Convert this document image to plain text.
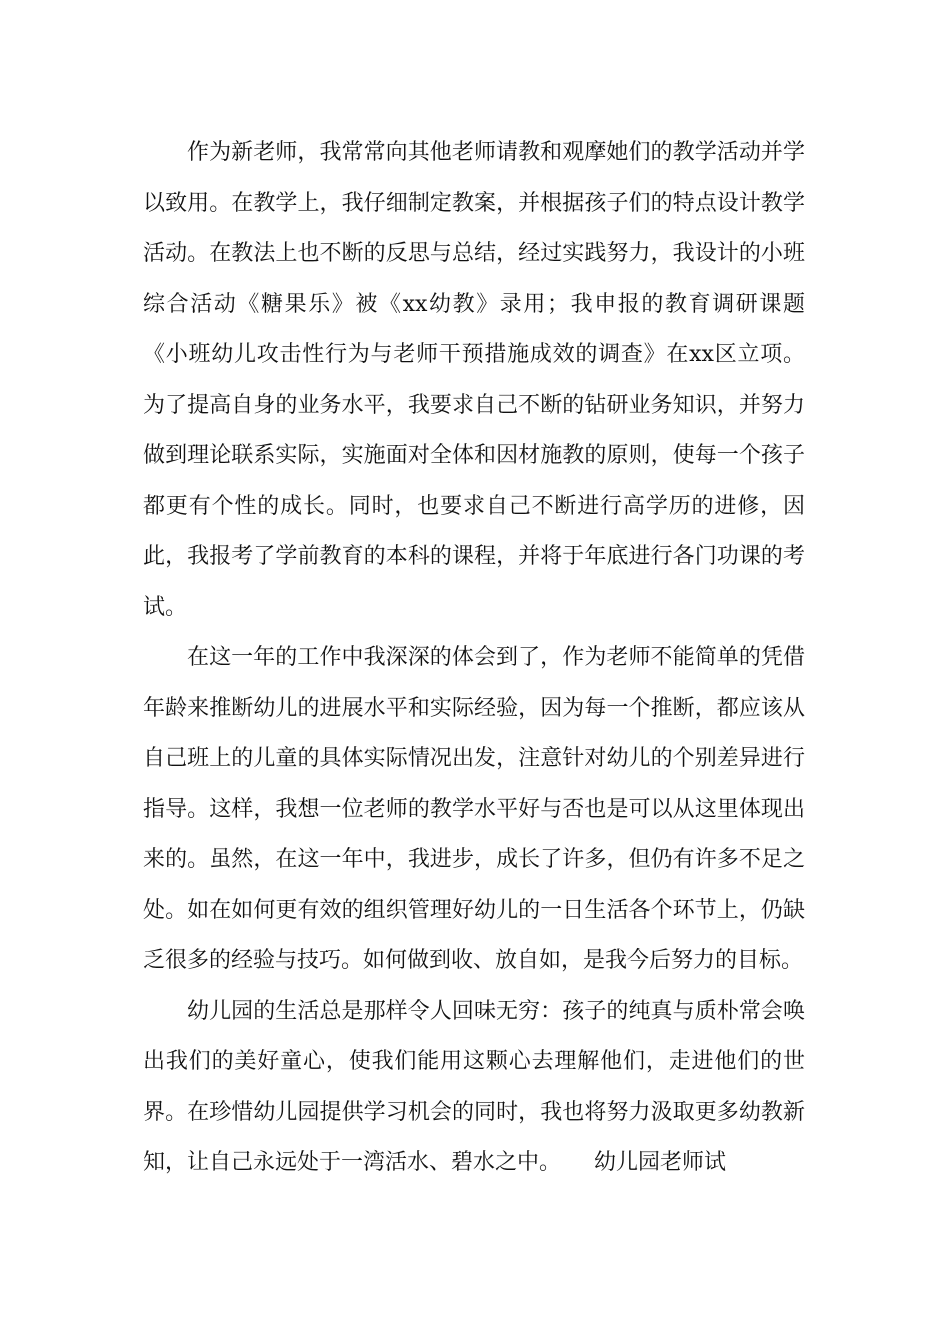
作为新老师，我常常向其他老师请教和观摩她们的教学活动并学以致用。在教学上，我仔细制定教案，并根据孩子们的特点设计教学活动。在教法上也不断的反思与总结，经过实践努力，我设计的小班综合活动《糖果乐》被《xx幼教》录用；我申报的教育调研课题《小班幼儿攻击性行为与老师干预措施成效的调查》在xx区立项。为了提高自身的业务水平，我要求自己不断的钻研业务知识，并努力做到理论联系实际，实施面对全体和因材施教的原则，使每一个孩子都更有个性的成长。同时，也要求自己不断进行高学历的进修，因此，我报考了学前教育的本科的课程，并将于年底进行各门功课的考试。

在这一年的工作中我深深的体会到了，作为老师不能简单的凭借年龄来推断幼儿的进展水平和实际经验，因为每一个推断，都应该从自己班上的儿童的具体实际情况出发，注意针对幼儿的个别差异进行指导。这样，我想一位老师的教学水平好与否也是可以从这里体现出来的。虽然，在这一年中，我进步，成长了许多，但仍有许多不足之处。如在如何更有效的组织管理好幼儿的一日生活各个环节上，仍缺乏很多的经验与技巧。如何做到收、放自如，是我今后努力的目标。

幼儿园的生活总是那样令人回味无穷：孩子的纯真与质朴常会唤出我们的美好童心，使我们能用这颗心去理解他们，走进他们的世界。在珍惜幼儿园提供学习机会的同时，我也将努力汲取更多幼教新知，让自己永远处于一湾活水、碧水之中。　　幼儿园老师试
